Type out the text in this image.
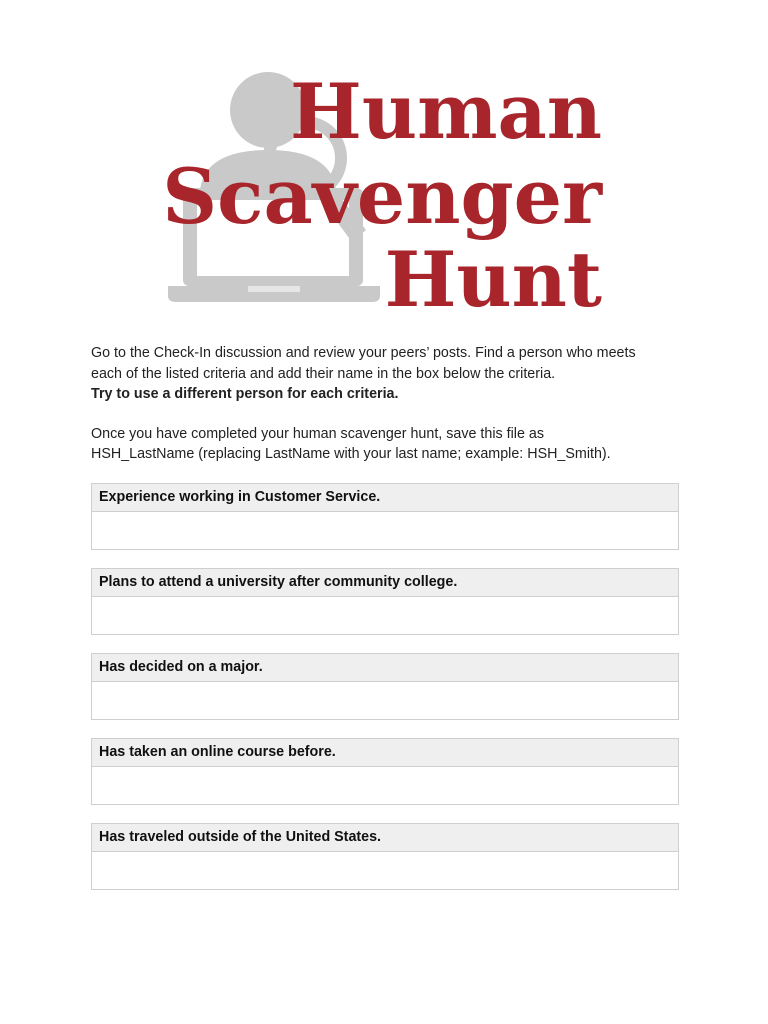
Human
Scavenger
Hunt

Go to the Check-In discussion and review your peers’ posts. Find a person who meets

each of the listed criteria and add their name in the box below the criteria.

Try to use a different person for each criteria.

Once you have completed your human scavenger hunt, save this file as

HSH_LastName (replacing LastName with your last name; example: HSH_Smith).

Experience working in Customer Service.
Plans to attend a university after community college.
Has decided on a major.
Has taken an online course before.
Has traveled outside of the United States.
